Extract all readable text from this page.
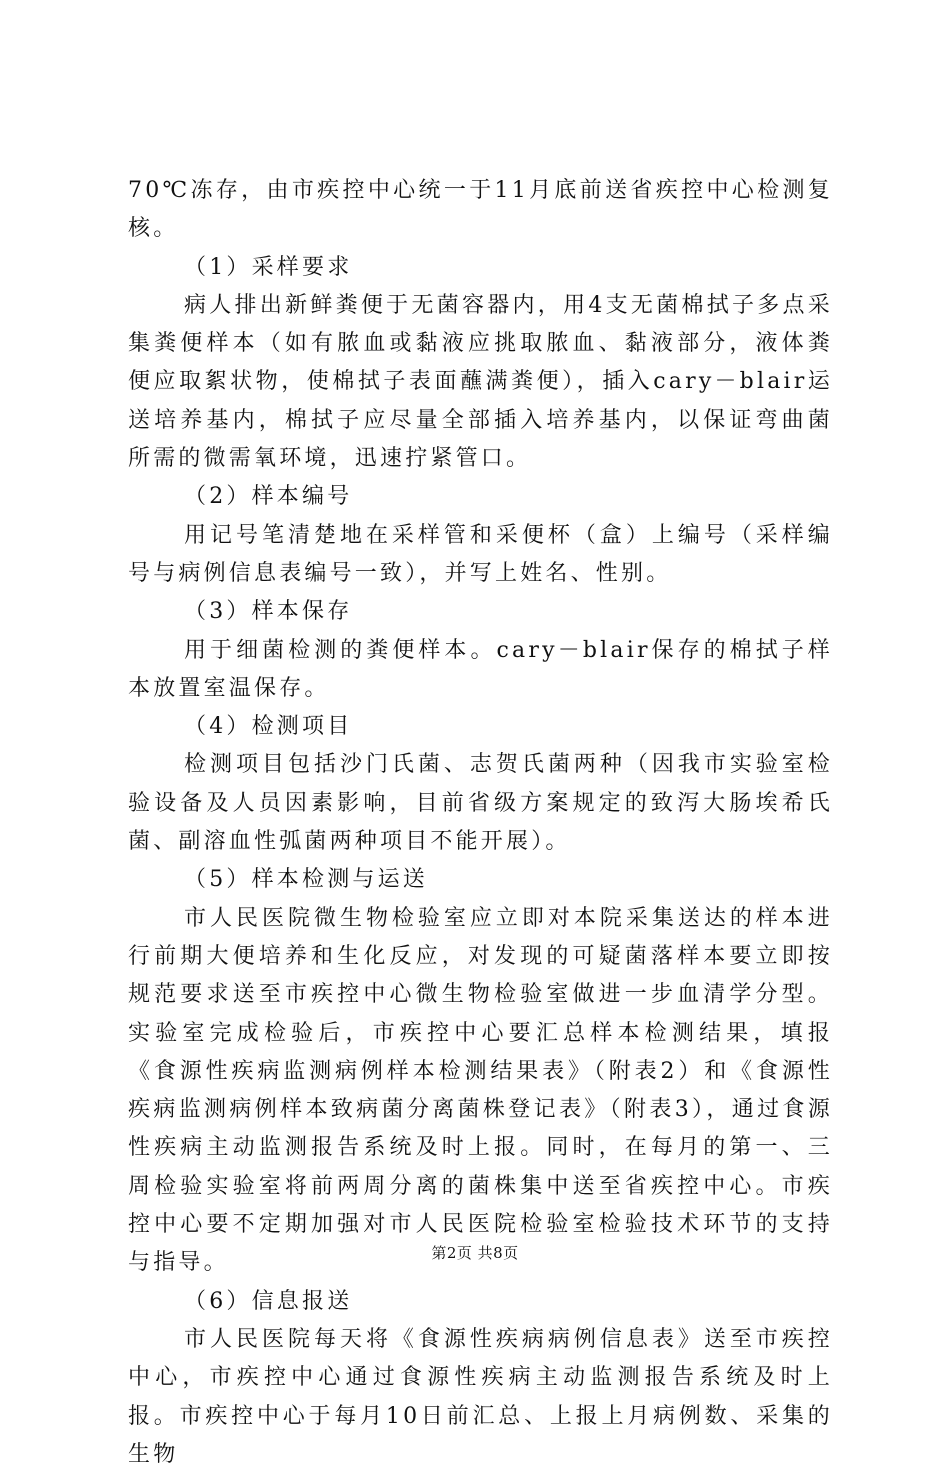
70℃冻存，由市疾控中心统一于11月底前送省疾控中心检测复核。

（1）采样要求

病人排出新鲜粪便于无菌容器内，用4支无菌棉拭子多点采集粪便样本（如有脓血或黏液应挑取脓血、黏液部分，液体粪便应取絮状物，使棉拭子表面蘸满粪便），插入cary－blair运送培养基内，棉拭子应尽量全部插入培养基内，以保证弯曲菌所需的微需氧环境，迅速拧紧管口。

（2）样本编号

用记号笔清楚地在采样管和采便杯（盒）上编号（采样编号与病例信息表编号一致），并写上姓名、性别。

（3）样本保存

用于细菌检测的粪便样本。cary－blair保存的棉拭子样本放置室温保存。

（4）检测项目

检测项目包括沙门氏菌、志贺氏菌两种（因我市实验室检验设备及人员因素影响，目前省级方案规定的致泻大肠埃希氏菌、副溶血性弧菌两种项目不能开展）。

（5）样本检测与运送

市人民医院微生物检验室应立即对本院采集送达的样本进行前期大便培养和生化反应，对发现的可疑菌落样本要立即按规范要求送至市疾控中心微生物检验室做进一步血清学分型。实验室完成检验后，市疾控中心要汇总样本检测结果，填报《食源性疾病监测病例样本检测结果表》（附表2）和《食源性疾病监测病例样本致病菌分离菌株登记表》（附表3），通过食源性疾病主动监测报告系统及时上报。同时，在每月的第一、三周检验实验室将前两周分离的菌株集中送至省疾控中心。市疾控中心要不定期加强对市人民医院检验室检验技术环节的支持与指导。

（6）信息报送

市人民医院每天将《食源性疾病病例信息表》送至市疾控中心，市疾控中心通过食源性疾病主动监测报告系统及时上报。市疾控中心于每月10日前汇总、上报上月病例数、采集的生物

第2页 共8页
